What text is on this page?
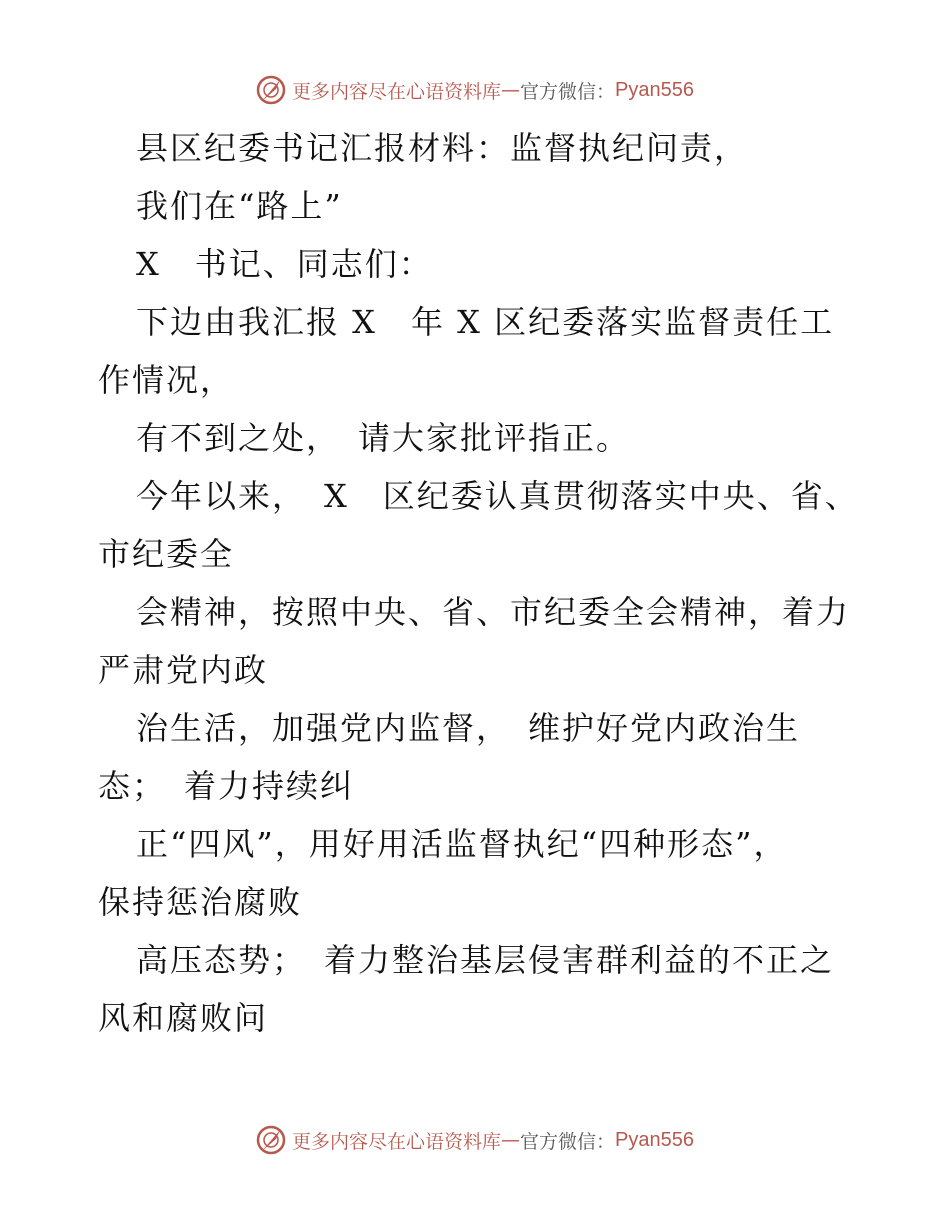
更多内容尽在心语资料库 — 官方微信： Pyan556
县区纪委书记汇报材料：监督执纪问责，
我们在“路上”
X　书记、同志们：
下边由我汇报 X　年 X 区纪委落实监督责任工
作情况，
有不到之处，　请大家批评指正。
今年以来，　X　区纪委认真贯彻落实中央、省、
市纪委全
会精神，按照中央、省、市纪委全会精神，着力
严肃党内政
治生活，加强党内监督，　维护好党内政治生
态；　着力持续纠
正“四风”，用好用活监督执纪“四种形态”，
保持惩治腐败
高压态势；　着力整治基层侵害群利益的不正之
风和腐败问
更多内容尽在心语资料库 — 官方微信： Pyan556
